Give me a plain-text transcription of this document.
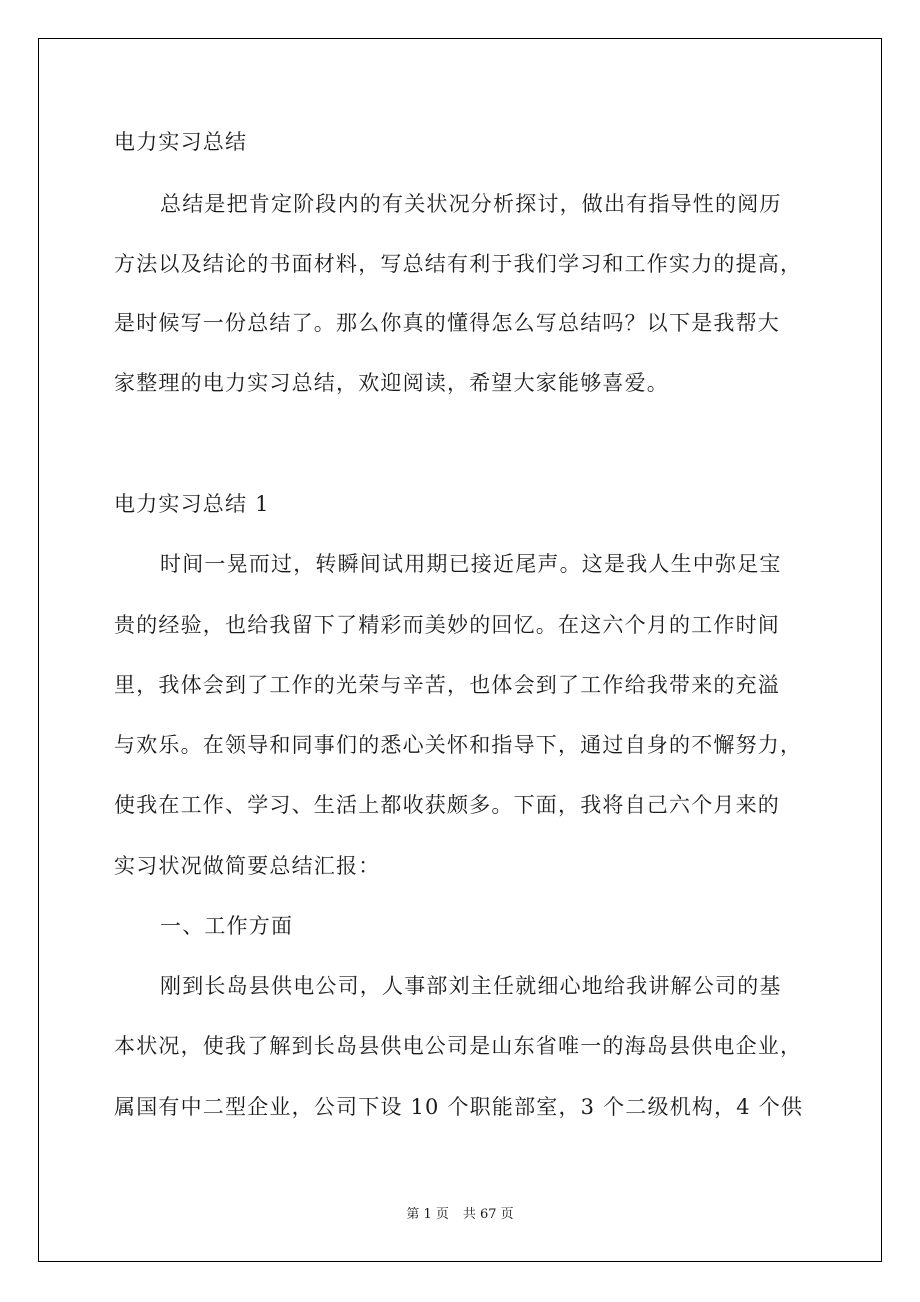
电力实习总结
总结是把肯定阶段内的有关状况分析探讨，做出有指导性的阅历
方法以及结论的书面材料，写总结有利于我们学习和工作实力的提高，
是时候写一份总结了。那么你真的懂得怎么写总结吗？以下是我帮大
家整理的电力实习总结，欢迎阅读，希望大家能够喜爱。
电力实习总结 1
时间一晃而过，转瞬间试用期已接近尾声。这是我人生中弥足宝
贵的经验，也给我留下了精彩而美妙的回忆。在这六个月的工作时间
里，我体会到了工作的光荣与辛苦，也体会到了工作给我带来的充溢
与欢乐。在领导和同事们的悉心关怀和指导下，通过自身的不懈努力，
使我在工作、学习、生活上都收获颇多。下面，我将自己六个月来的
实习状况做简要总结汇报：
一、工作方面
刚到长岛县供电公司，人事部刘主任就细心地给我讲解公司的基
本状况，使我了解到长岛县供电公司是山东省唯一的海岛县供电企业，
属国有中二型企业，公司下设 10 个职能部室，3 个二级机构，4 个供
第 1 页 共 67 页
